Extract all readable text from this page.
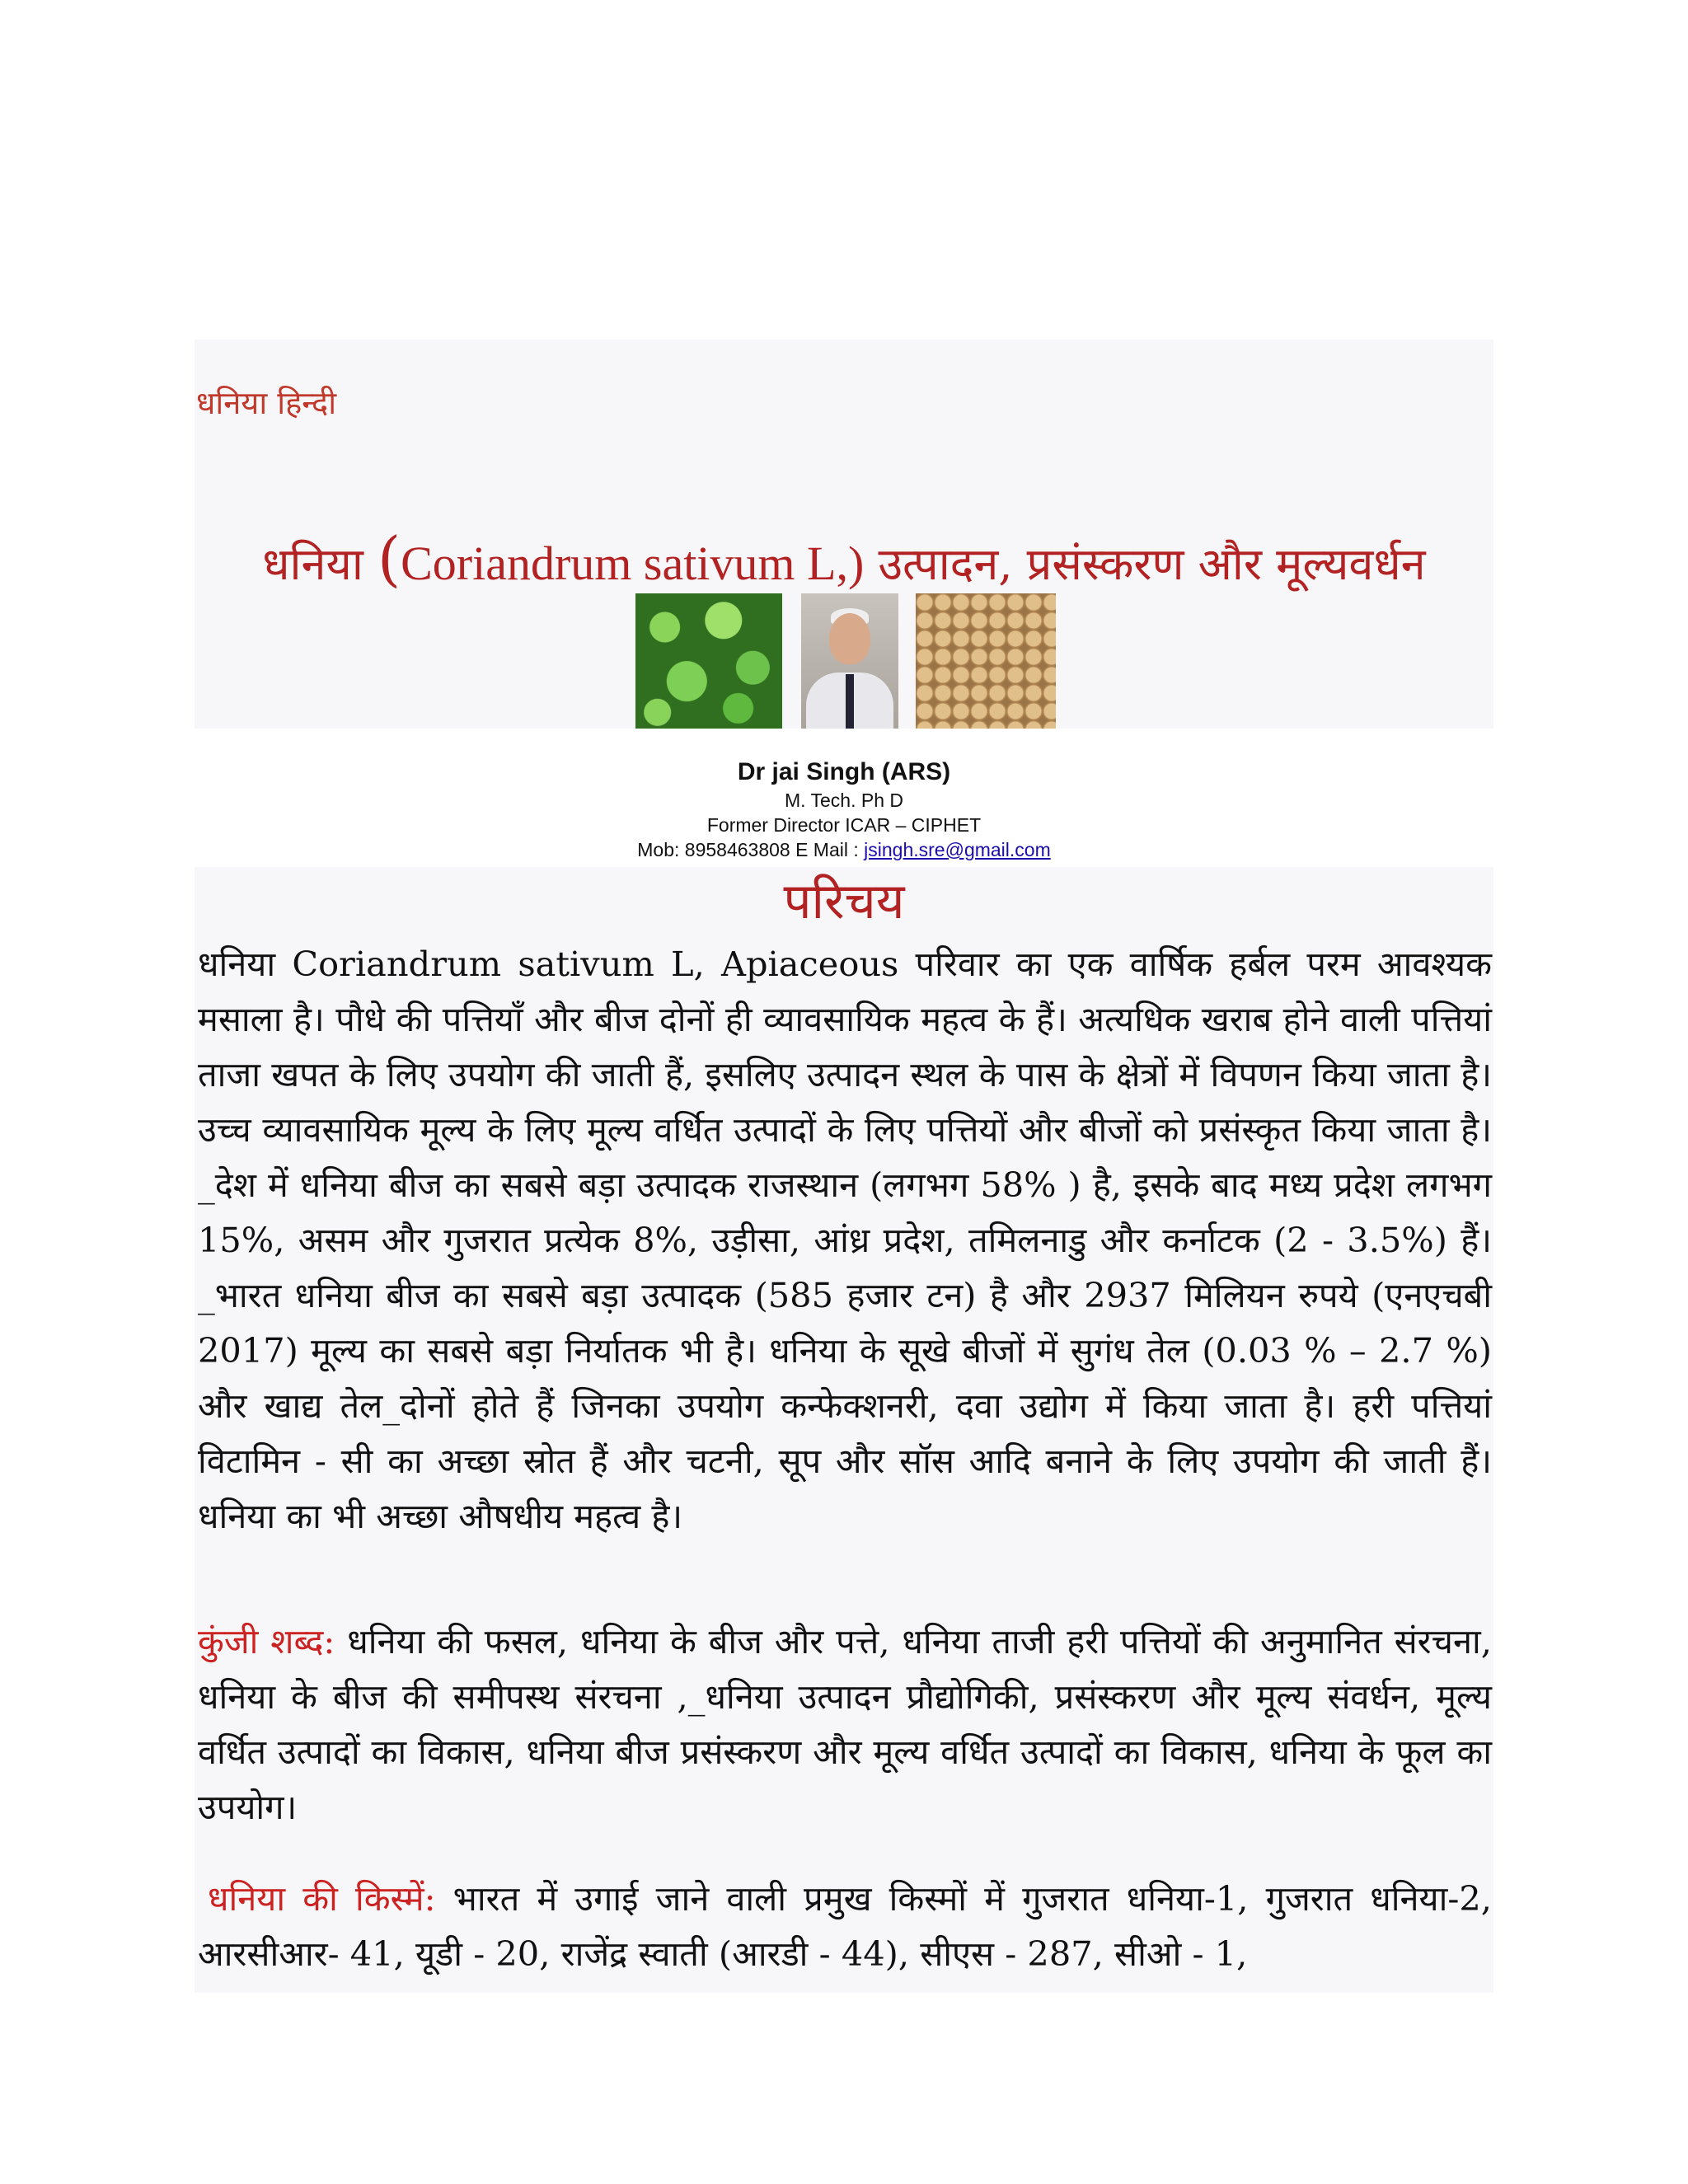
धनिया हिन्दी
धनिया (Coriandrum sativum L,) उत्पादन, प्रसंस्करण और मूल्यवर्धन
Dr jai Singh (ARS)
M. Tech. Ph D
Former Director ICAR – CIPHET
Mob: 8958463808 E Mail : jsingh.sre@gmail.com
परिचय

धनिया Coriandrum sativum L, Apiaceous परिवार का एक वार्षिक हर्बल परम आवश्यक मसाला है। पौधे की पत्तियाँ और बीज दोनों ही व्यावसायिक महत्व के हैं। अत्यधिक खराब होने वाली पत्तियां ताजा खपत के लिए उपयोग की जाती हैं, इसलिए उत्पादन स्थल के पास के क्षेत्रों में विपणन किया जाता है। उच्च व्यावसायिक मूल्य के लिए मूल्य वर्धित उत्पादों के लिए पत्तियों और बीजों को प्रसंस्कृत किया जाता है।_देश में धनिया बीज का सबसे बड़ा उत्पादक राजस्थान (लगभग 58% ) है, इसके बाद मध्य प्रदेश लगभग 15%, असम और गुजरात प्रत्येक 8%, उड़ीसा, आंध्र प्रदेश, तमिलनाडु और कर्नाटक (2 - 3.5%) हैं।_भारत धनिया बीज का सबसे बड़ा उत्पादक (585 हजार टन) है और 2937 मिलियन रुपये (एनएचबी 2017) मूल्य का सबसे बड़ा निर्यातक भी है। धनिया के सूखे बीजों में सुगंध तेल (0.03 % – 2.7 %) और खाद्य तेल_दोनों होते हैं जिनका उपयोग कन्फेक्शनरी, दवा उद्योग में किया जाता है। हरी पत्तियां विटामिन - सी का अच्छा स्रोत हैं और चटनी, सूप और सॉस आदि बनाने के लिए उपयोग की जाती हैं। धनिया का भी अच्छा औषधीय महत्व है।

कुंजी शब्द: धनिया की फसल, धनिया के बीज और पत्ते, धनिया ताजी हरी पत्तियों की अनुमानित संरचना, धनिया के बीज की समीपस्थ संरचना ,_धनिया उत्पादन प्रौद्योगिकी, प्रसंस्करण और मूल्य संवर्धन, मूल्य वर्धित उत्पादों का विकास, धनिया बीज प्रसंस्करण और मूल्य वर्धित उत्पादों का विकास, धनिया के फूल का उपयोग।

धनिया की किस्में: भारत में उगाई जाने वाली प्रमुख किस्मों में गुजरात धनिया-1, गुजरात धनिया-2, आरसीआर- 41, यूडी - 20, राजेंद्र स्वाती (आरडी - 44), सीएस - 287, सीओ - 1,
